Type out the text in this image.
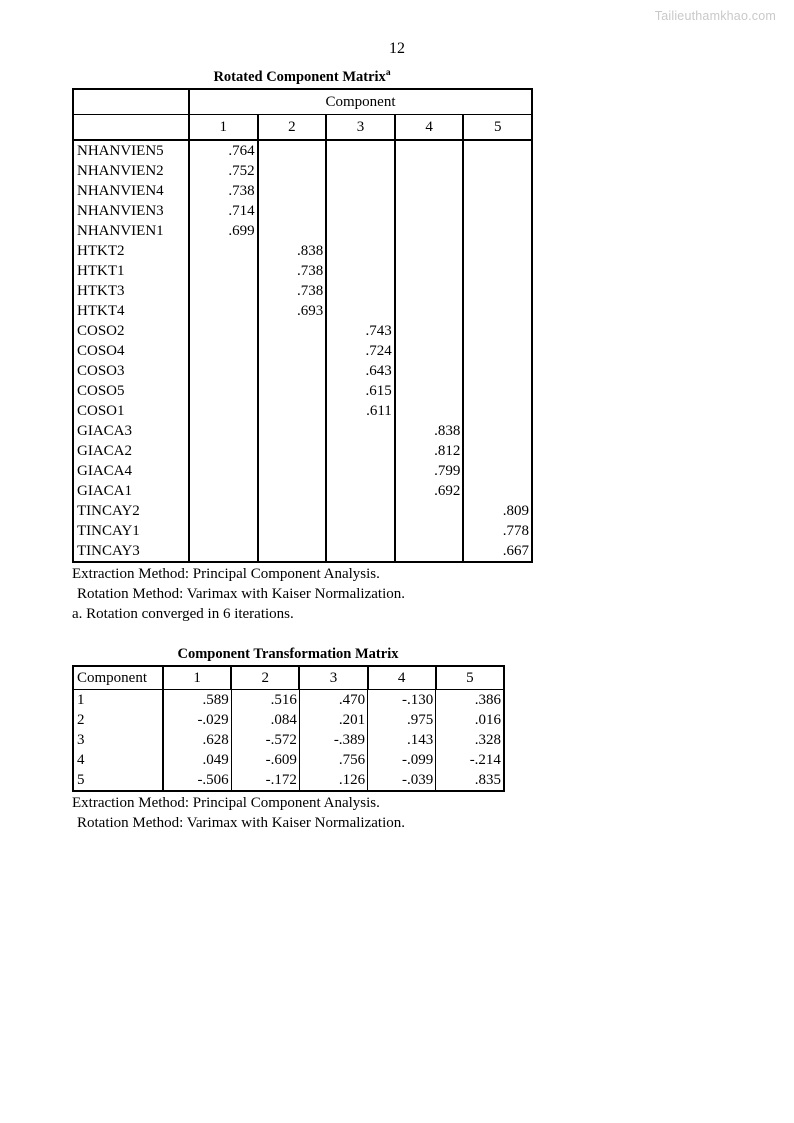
Tailieuthamkhao.com
12
Rotated Component Matrix$^a$
	Component				
	1	2	3	4	5
NHANVIEN5	.764				
NHANVIEN2	.752				
NHANVIEN4	.738				
NHANVIEN3	.714				
NHANVIEN1	.699				
HTKT2		.838			
HTKT1		.738			
HTKT3		.738			
HTKT4		.693			
COSO2			.743		
COSO4			.724		
COSO3			.643		
COSO5			.615		
COSO1			.611		
GIACA3				.838	
GIACA2				.812	
GIACA4				.799	
GIACA1				.692	
TINCAY2					.809
TINCAY1					.778
TINCAY3					.667
Extraction Method: Principal Component Analysis.
Rotation Method: Varimax with Kaiser Normalization.
a. Rotation converged in 6 iterations.
Component Transformation Matrix
Component	1	2	3	4	5
1	.589	.516	.470	-.130	.386
2	-.029	.084	.201	.975	.016
3	.628	-.572	-.389	.143	.328
4	.049	-.609	.756	-.099	-.214
5	-.506	-.172	.126	-.039	.835
Extraction Method: Principal Component Analysis.
Rotation Method: Varimax with Kaiser Normalization.
